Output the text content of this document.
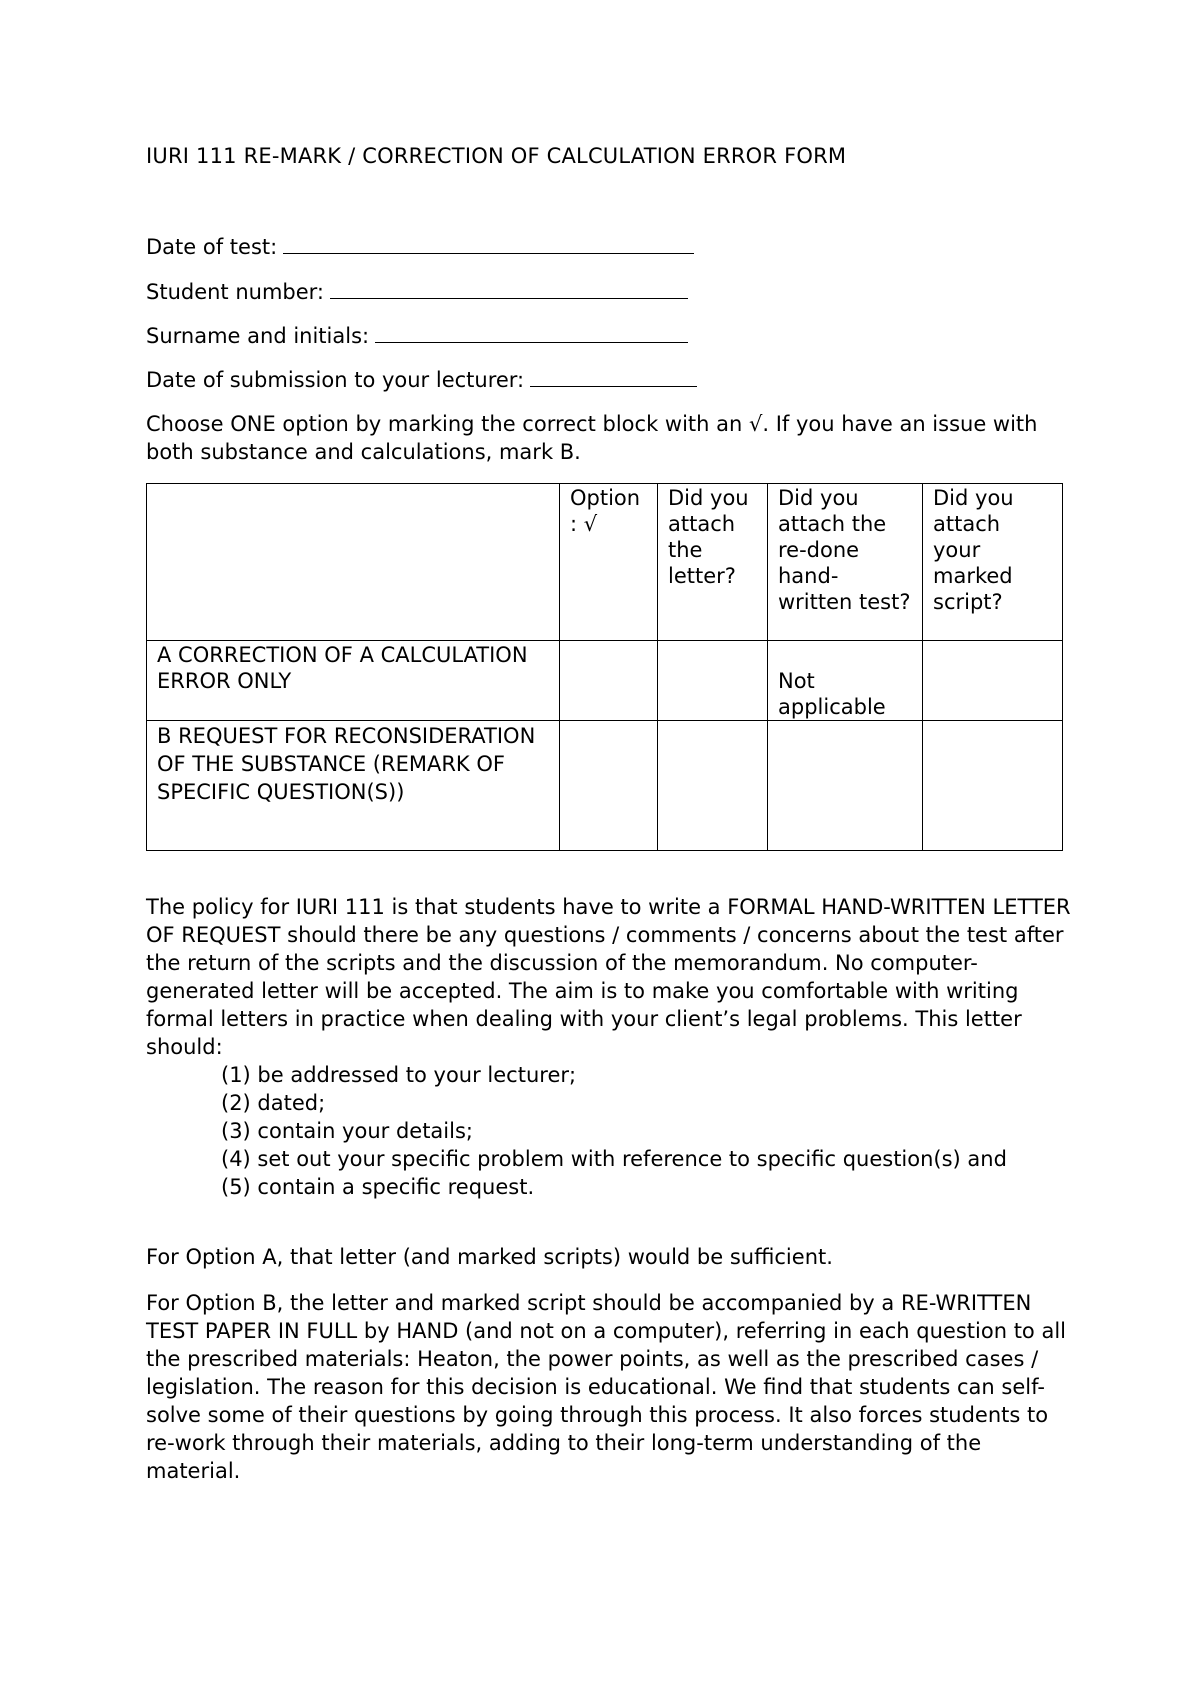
IURI 111 RE-MARK / CORRECTION OF CALCULATION ERROR FORM
Date of test:
Student number:
Surname and initials:
Date of submission to your lecturer:
Choose ONE option by marking the correct block with an √. If you have an issue with both substance and calculations, mark B.
	Option : √	Did you attach the letter?	Did you attach the re-done hand-written test?	Did you attach your marked script?
A CORRECTION OF A CALCULATION ERROR ONLY			Not applicable	
B REQUEST FOR RECONSIDERATION OF THE SUBSTANCE (REMARK OF SPECIFIC QUESTION(S))				

The policy for IURI 111 is that students have to write a FORMAL HAND-WRITTEN LETTER OF REQUEST should there be any questions / comments / concerns about the test after the return of the scripts and the discussion of the memorandum. No computer-generated letter will be accepted. The aim is to make you comfortable with writing formal letters in practice when dealing with your client’s legal problems. This letter should:

(1) be addressed to your lecturer;
(2) dated;
(3) contain your details;
(4) set out your specific problem with reference to specific question(s) and
(5) contain a specific request.
For Option A, that letter (and marked scripts) would be sufficient.
For Option B, the letter and marked script should be accompanied by a RE-WRITTEN TEST PAPER IN FULL by HAND (and not on a computer), referring in each question to all the prescribed materials: Heaton, the power points, as well as the prescribed cases / legislation. The reason for this decision is educational. We find that students can self-solve some of their questions by going through this process. It also forces students to re-work through their materials, adding to their long-term understanding of the material.
